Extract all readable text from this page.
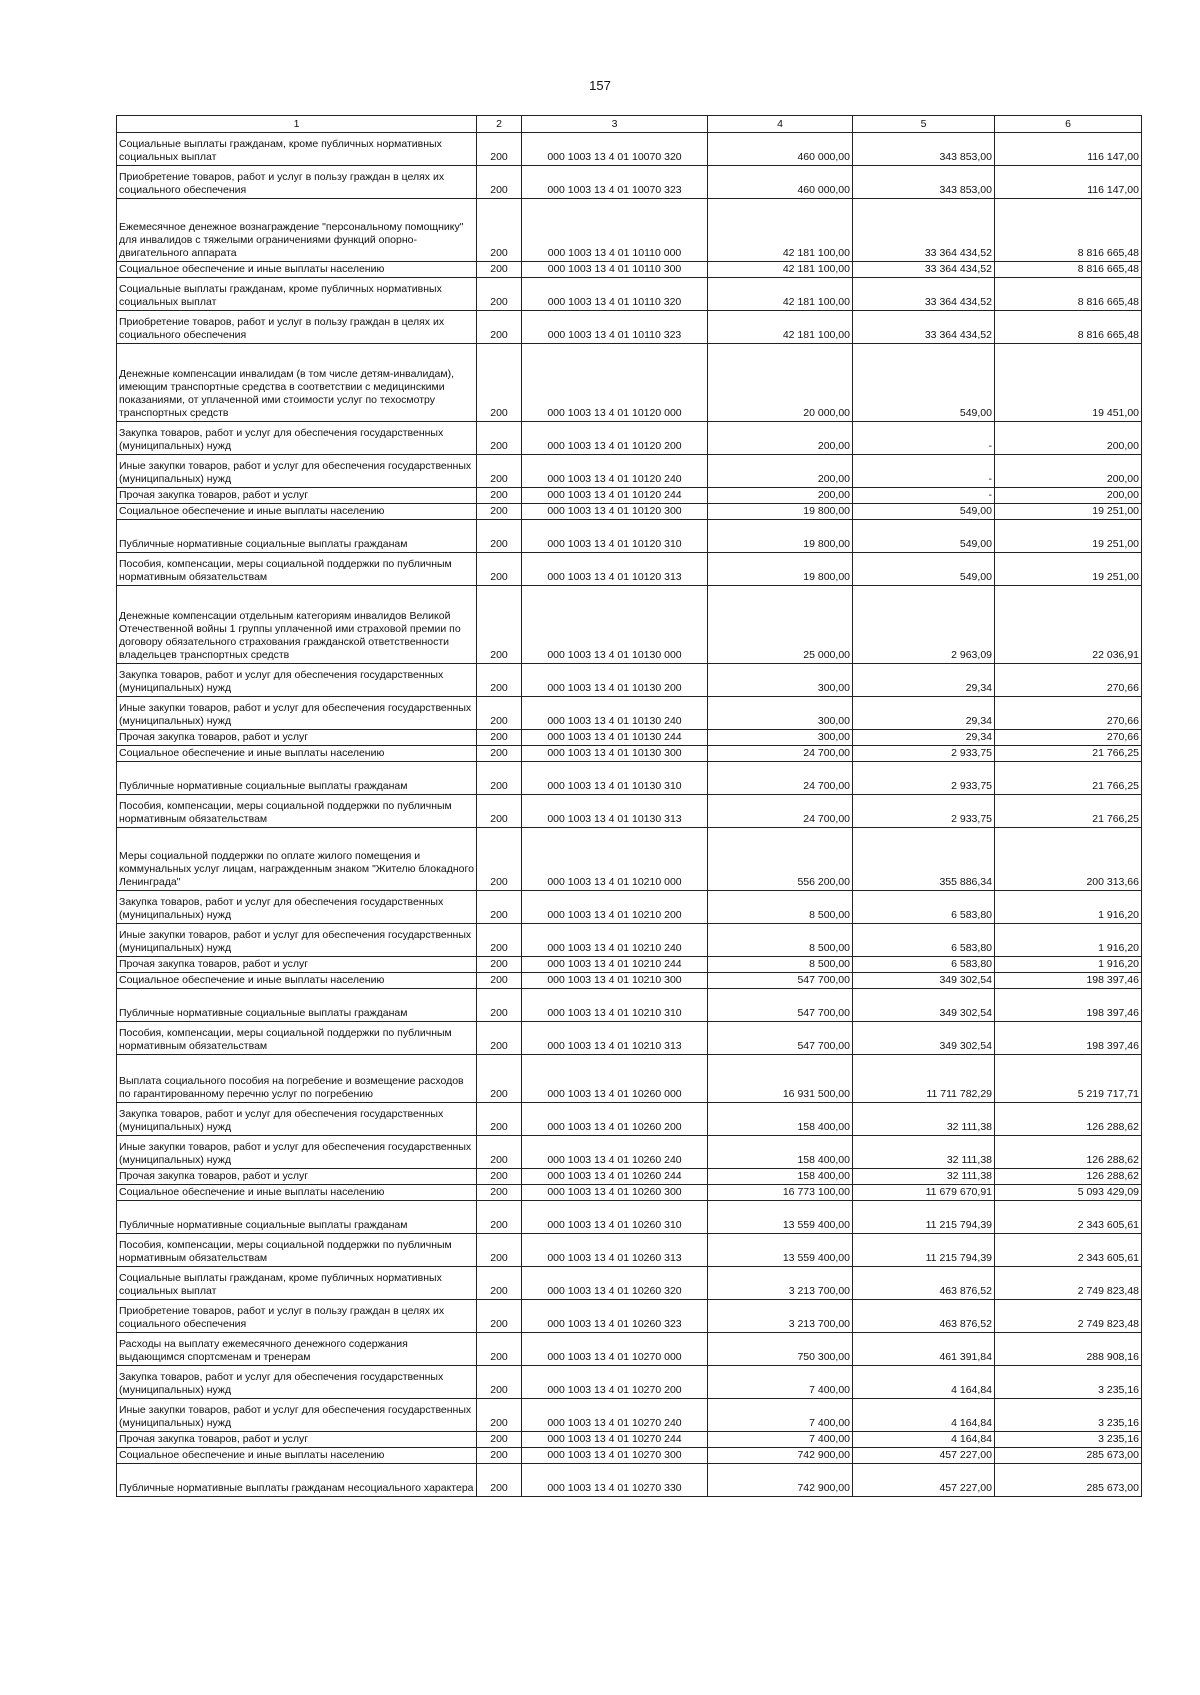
157
1	2	3	4	5	6
Социальные выплаты гражданам, кроме публичных нормативных социальных выплат	200	000 1003 13 4 01 10070 320	460 000,00	343 853,00	116 147,00
Приобретение товаров, работ и услуг в пользу граждан в целях их социального обеспечения	200	000 1003 13 4 01 10070 323	460 000,00	343 853,00	116 147,00
Ежемесячное денежное вознаграждение "персональному помощнику" для инвалидов с тяжелыми ограничениями функций опорно-двигательного аппарата	200	000 1003 13 4 01 10110 000	42 181 100,00	33 364 434,52	8 816 665,48
Социальное обеспечение и иные выплаты населению	200	000 1003 13 4 01 10110 300	42 181 100,00	33 364 434,52	8 816 665,48
Социальные выплаты гражданам, кроме публичных нормативных социальных выплат	200	000 1003 13 4 01 10110 320	42 181 100,00	33 364 434,52	8 816 665,48
Приобретение товаров, работ и услуг в пользу граждан в целях их социального обеспечения	200	000 1003 13 4 01 10110 323	42 181 100,00	33 364 434,52	8 816 665,48
Денежные компенсации инвалидам (в том числе детям-инвалидам), имеющим транспортные средства в соответствии с медицинскими показаниями, от уплаченной ими стоимости услуг по техосмотру транспортных средств	200	000 1003 13 4 01 10120 000	20 000,00	549,00	19 451,00
Закупка товаров, работ и услуг для обеспечения государственных (муниципальных) нужд	200	000 1003 13 4 01 10120 200	200,00	-	200,00
Иные закупки товаров, работ и услуг для обеспечения государственных (муниципальных) нужд	200	000 1003 13 4 01 10120 240	200,00	-	200,00
Прочая закупка товаров, работ и услуг	200	000 1003 13 4 01 10120 244	200,00	-	200,00
Социальное обеспечение и иные выплаты населению	200	000 1003 13 4 01 10120 300	19 800,00	549,00	19 251,00
Публичные нормативные социальные выплаты гражданам	200	000 1003 13 4 01 10120 310	19 800,00	549,00	19 251,00
Пособия, компенсации, меры социальной поддержки по публичным нормативным обязательствам	200	000 1003 13 4 01 10120 313	19 800,00	549,00	19 251,00
Денежные компенсации отдельным категориям инвалидов Великой Отечественной войны 1 группы уплаченной ими страховой премии по договору обязательного страхования гражданской ответственности владельцев транспортных средств	200	000 1003 13 4 01 10130 000	25 000,00	2 963,09	22 036,91
Закупка товаров, работ и услуг для обеспечения государственных (муниципальных) нужд	200	000 1003 13 4 01 10130 200	300,00	29,34	270,66
Иные закупки товаров, работ и услуг для обеспечения государственных (муниципальных) нужд	200	000 1003 13 4 01 10130 240	300,00	29,34	270,66
Прочая закупка товаров, работ и услуг	200	000 1003 13 4 01 10130 244	300,00	29,34	270,66
Социальное обеспечение и иные выплаты населению	200	000 1003 13 4 01 10130 300	24 700,00	2 933,75	21 766,25
Публичные нормативные социальные выплаты гражданам	200	000 1003 13 4 01 10130 310	24 700,00	2 933,75	21 766,25
Пособия, компенсации, меры социальной поддержки по публичным нормативным обязательствам	200	000 1003 13 4 01 10130 313	24 700,00	2 933,75	21 766,25
Меры социальной поддержки по оплате жилого помещения и коммунальных услуг лицам, награжденным знаком "Жителю блокадного Ленинграда"	200	000 1003 13 4 01 10210 000	556 200,00	355 886,34	200 313,66
Закупка товаров, работ и услуг для обеспечения государственных (муниципальных) нужд	200	000 1003 13 4 01 10210 200	8 500,00	6 583,80	1 916,20
Иные закупки товаров, работ и услуг для обеспечения государственных (муниципальных) нужд	200	000 1003 13 4 01 10210 240	8 500,00	6 583,80	1 916,20
Прочая закупка товаров, работ и услуг	200	000 1003 13 4 01 10210 244	8 500,00	6 583,80	1 916,20
Социальное обеспечение и иные выплаты населению	200	000 1003 13 4 01 10210 300	547 700,00	349 302,54	198 397,46
Публичные нормативные социальные выплаты гражданам	200	000 1003 13 4 01 10210 310	547 700,00	349 302,54	198 397,46
Пособия, компенсации, меры социальной поддержки по публичным нормативным обязательствам	200	000 1003 13 4 01 10210 313	547 700,00	349 302,54	198 397,46
Выплата социального пособия на погребение и возмещение расходов по гарантированному перечню услуг по погребению	200	000 1003 13 4 01 10260 000	16 931 500,00	11 711 782,29	5 219 717,71
Закупка товаров, работ и услуг для обеспечения государственных (муниципальных) нужд	200	000 1003 13 4 01 10260 200	158 400,00	32 111,38	126 288,62
Иные закупки товаров, работ и услуг для обеспечения государственных (муниципальных) нужд	200	000 1003 13 4 01 10260 240	158 400,00	32 111,38	126 288,62
Прочая закупка товаров, работ и услуг	200	000 1003 13 4 01 10260 244	158 400,00	32 111,38	126 288,62
Социальное обеспечение и иные выплаты населению	200	000 1003 13 4 01 10260 300	16 773 100,00	11 679 670,91	5 093 429,09
Публичные нормативные социальные выплаты гражданам	200	000 1003 13 4 01 10260 310	13 559 400,00	11 215 794,39	2 343 605,61
Пособия, компенсации, меры социальной поддержки по публичным нормативным обязательствам	200	000 1003 13 4 01 10260 313	13 559 400,00	11 215 794,39	2 343 605,61
Социальные выплаты гражданам, кроме публичных нормативных социальных выплат	200	000 1003 13 4 01 10260 320	3 213 700,00	463 876,52	2 749 823,48
Приобретение товаров, работ и услуг в пользу граждан в целях их социального обеспечения	200	000 1003 13 4 01 10260 323	3 213 700,00	463 876,52	2 749 823,48
Расходы на выплату ежемесячного денежного содержания выдающимся спортсменам и тренерам	200	000 1003 13 4 01 10270 000	750 300,00	461 391,84	288 908,16
Закупка товаров, работ и услуг для обеспечения государственных (муниципальных) нужд	200	000 1003 13 4 01 10270 200	7 400,00	4 164,84	3 235,16
Иные закупки товаров, работ и услуг для обеспечения государственных (муниципальных) нужд	200	000 1003 13 4 01 10270 240	7 400,00	4 164,84	3 235,16
Прочая закупка товаров, работ и услуг	200	000 1003 13 4 01 10270 244	7 400,00	4 164,84	3 235,16
Социальное обеспечение и иные выплаты населению	200	000 1003 13 4 01 10270 300	742 900,00	457 227,00	285 673,00
Публичные нормативные выплаты гражданам несоциального характера	200	000 1003 13 4 01 10270 330	742 900,00	457 227,00	285 673,00
